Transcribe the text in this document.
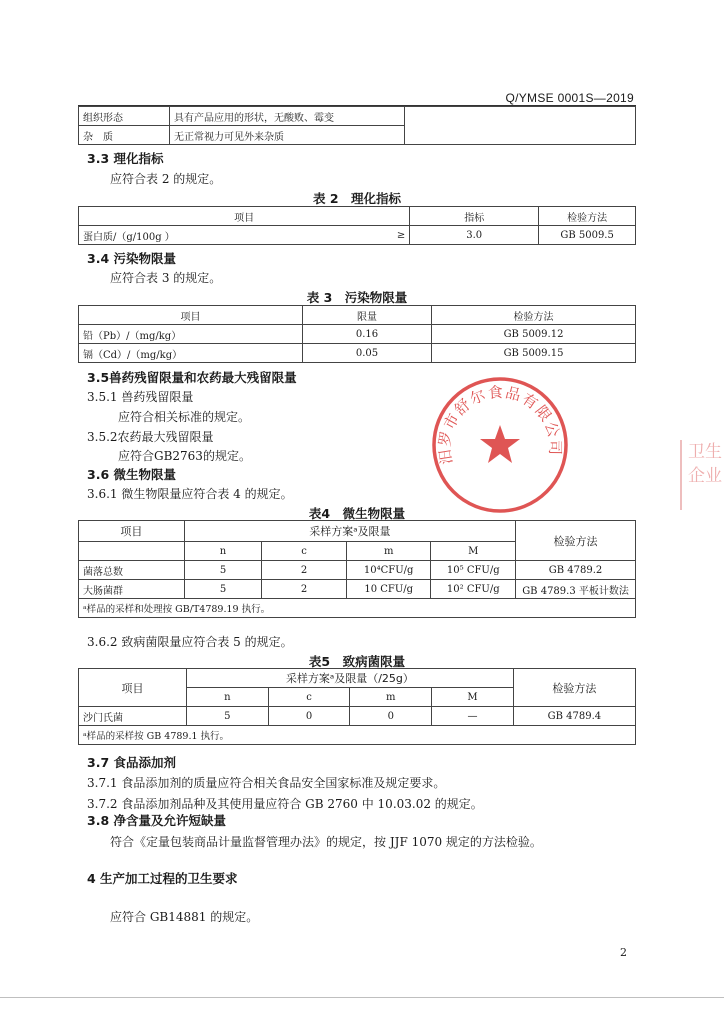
Q/YMSE 0001S—2019
组织形态	具有产品应用的形状，无酸败、霉变	
杂　质	无正常视力可见外来杂质	
3.3 理化指标
应符合表 2 的规定。
表 2　理化指标
项目		指标	检验方法
蛋白质/（g/100g ）	≥	3.0	GB 5009.5
3.4 污染物限量
应符合表 3 的规定。
表 3　污染物限量
项目	限量	检验方法
铅（Pb）/（mg/kg）	0.16	GB 5009.12
镉（Cd）/（mg/kg）	0.05	GB 5009.15
3.5兽药残留限量和农药最大残留限量
3.5.1 兽药残留限量
应符合相关标准的规定。
3.5.2农药最大残留限量
应符合GB2763的规定。
3.6 微生物限量
3.6.1 微生物限量应符合表 4 的规定。
表4　微生物限量
项目	采样方案ᵃ及限量				检验方法
	n	c	m	M	
菌落总数	5	2	10⁴CFU/g	10⁵ CFU/g	GB 4789.2
大肠菌群	5	2	10 CFU/g	10² CFU/g	GB 4789.3 平板计数法
ᵃ样品的采样和处理按 GB/T4789.19 执行。					
3.6.2 致病菌限量应符合表 5 的规定。
表5　致病菌限量
项目	采样方案ᵃ及限量（/25g）				检验方法
	n	c	m	M	
沙门氏菌	5	0	0	—	GB 4789.4
ᵃ样品的采样按 GB 4789.1 执行。					
3.7 食品添加剂
3.7.1 食品添加剂的质量应符合相关食品安全国家标准及规定要求。
3.7.2 食品添加剂品种及其使用量应符合 GB 2760 中 10.03.02 的规定。
3.8 净含量及允许短缺量
符合《定量包装商品计量监督管理办法》的规定，按 JJF 1070 规定的方法检验。
4 生产加工过程的卫生要求
应符合 GB14881 的规定。
汨罗市舒尔食品有限公司	卫生
企业
2
